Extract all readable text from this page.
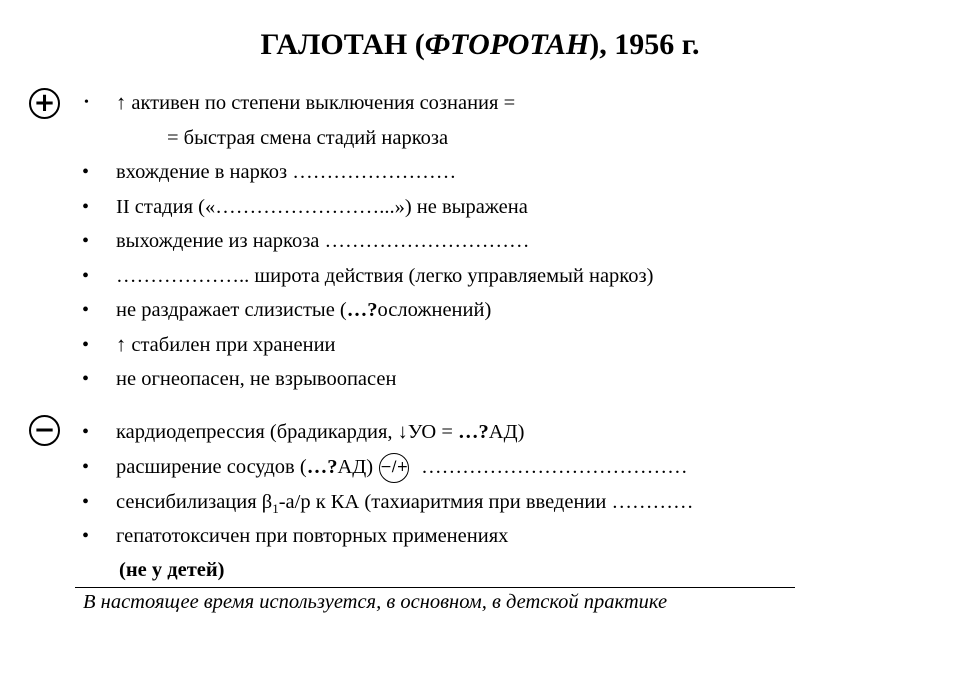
ГАЛОТАН (ФТОРОТАН), 1956 г.
+	• ↑ активен по степени выключения сознания =
= быстрая смена стадий наркоза
• вхождение в наркоз ……………………
• II стадия («……………………...») не выражена
• выхождение из наркоза …………………………
• ……………….. широта действия (легко управляемый наркоз)
• не раздражает слизистые (…?осложнений)
• ↑ стабилен при хранении
• не огнеопасен, не взрывоопасен
− • кардиодепрессия (брадикардия, ↓УО = …?АД)
• расширение сосудов (…?АД) −/+ …………………………………
• сенсибилизация $\beta_1-а/р$ к КА (тахиаритмия при введении …………
• гепатотоксичен при повторных применениях
(не у детей)
В настоящее время используется, в основном, в детской практике
